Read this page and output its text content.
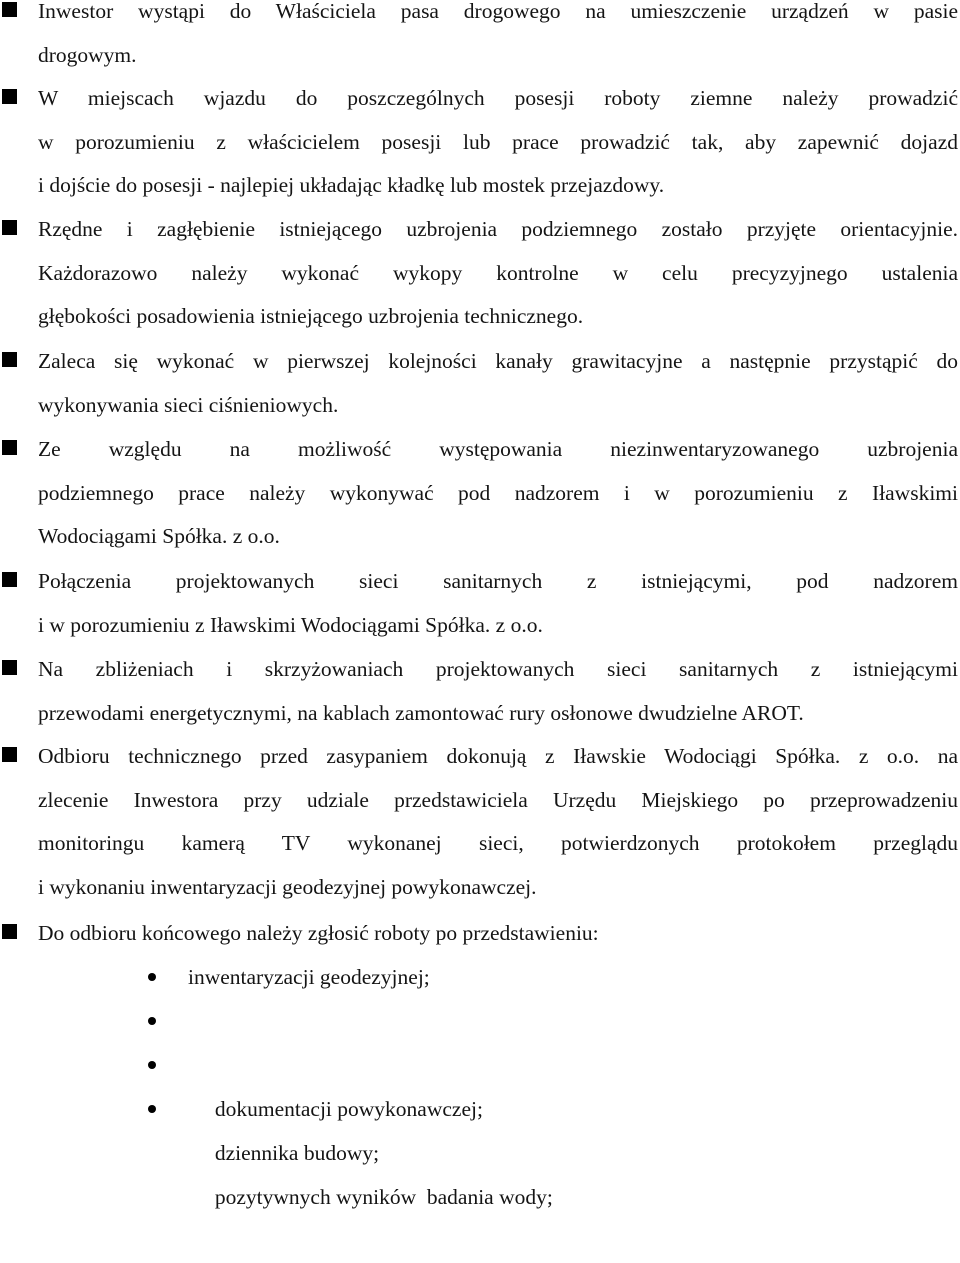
Inwestor wystąpi do Właściciela pasa drogowego na umieszczenie urządzeń w pasie
drogowym.
W miejscach wjazdu do poszczególnych posesji roboty ziemne należy prowadzić
w porozumieniu z właścicielem posesji lub prace prowadzić tak, aby zapewnić dojazd
i dojście do posesji - najlepiej układając kładkę lub mostek przejazdowy.
Rzędne i zagłębienie istniejącego uzbrojenia podziemnego zostało przyjęte orientacyjnie.
Każdorazowo należy wykonać wykopy kontrolne w celu precyzyjnego ustalenia
głębokości posadowienia istniejącego uzbrojenia technicznego.
Zaleca się wykonać w pierwszej kolejności kanały grawitacyjne a następnie przystąpić do
wykonywania sieci ciśnieniowych.
Ze względu na możliwość występowania niezinwentaryzowanego uzbrojenia
podziemnego prace należy wykonywać pod nadzorem i w porozumieniu z Iławskimi
Wodociągami Spółka. z o.o.
Połączenia projektowanych sieci sanitarnych z istniejącymi, pod nadzorem
i w porozumieniu z Iławskimi Wodociągami Spółka. z o.o.
Na zbliżeniach i skrzyżowaniach projektowanych sieci sanitarnych z istniejącymi
przewodami energetycznymi, na kablach zamontować rury osłonowe dwudzielne AROT.
Odbioru technicznego przed zasypaniem dokonują z Iławskie Wodociągi Spółka. z o.o. na
zlecenie Inwestora przy udziale przedstawiciela Urzędu Miejskiego po przeprowadzeniu
monitoringu kamerą TV wykonanej sieci, potwierdzonych protokołem przeglądu
i wykonaniu inwentaryzacji geodezyjnej powykonawczej.
Do odbioru końcowego należy zgłosić roboty po przedstawieniu:
inwentaryzacji geodezyjnej;

dokumentacji powykonawczej;

dziennika budowy;

pozytywnych wyników  badania wody;
